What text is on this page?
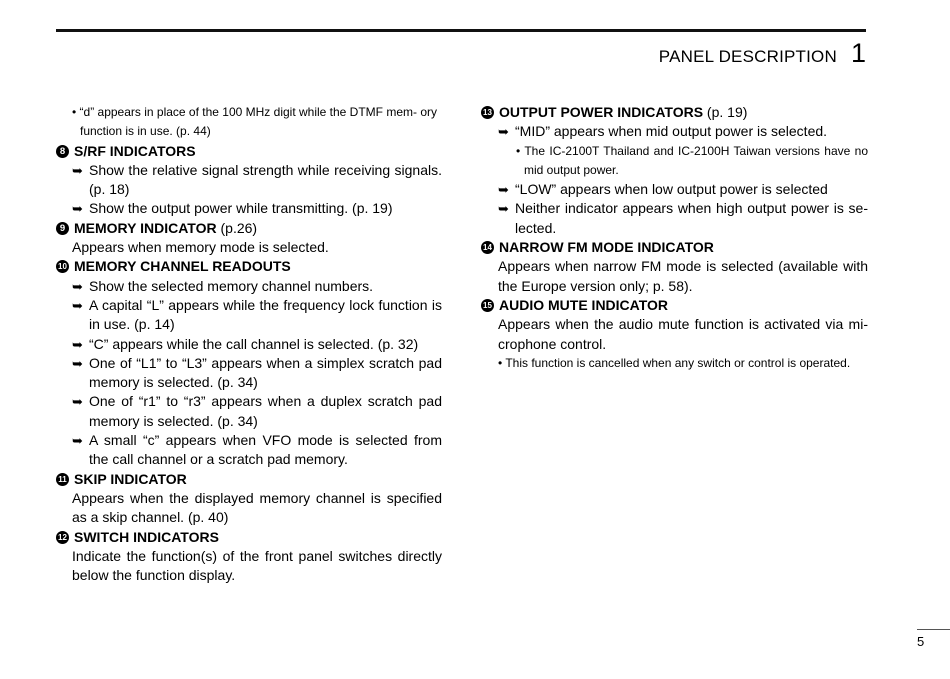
PANEL DESCRIPTION 1
• “d” appears in place of the 100 MHz digit while the DTMF mem- ory function is in use. (p. 44)
8 S/RF INDICATORS
➥ Show the relative signal strength while receiving signals. (p. 18)
➥ Show the output power while transmitting. (p. 19)
9 MEMORY INDICATOR (p.26)
Appears when memory mode is selected.
10 MEMORY CHANNEL READOUTS
➥ Show the selected memory channel numbers.
➥ A capital “L” appears while the frequency lock function is in use. (p. 14)
➥ “C” appears while the call channel is selected. (p. 32)
➥ One of “L1” to “L3” appears when a simplex scratch pad memory is selected. (p. 34)
➥ One of “r1” to “r3” appears when a duplex scratch pad memory is selected. (p. 34)
➥ A small “c” appears when VFO mode is selected from the call channel or a scratch pad memory.
11 SKIP INDICATOR
Appears when the displayed memory channel is specified as a skip channel. (p. 40)
12 SWITCH INDICATORS
Indicate the function(s) of the front panel switches directly below the function display.
13 OUTPUT POWER INDICATORS (p. 19)
➥ “MID” appears when mid output power is selected.
• The IC-2100T Thailand and IC-2100H Taiwan versions have no mid output power.
➥ “LOW” appears when low output power is selected
➥ Neither indicator appears when high output power is se- lected.
14 NARROW FM MODE INDICATOR
Appears when narrow FM mode is selected (available with the Europe version only; p. 58).
15 AUDIO MUTE INDICATOR
Appears when the audio mute function is activated via mi- crophone control.
• This function is cancelled when any switch or control is operated.
5
